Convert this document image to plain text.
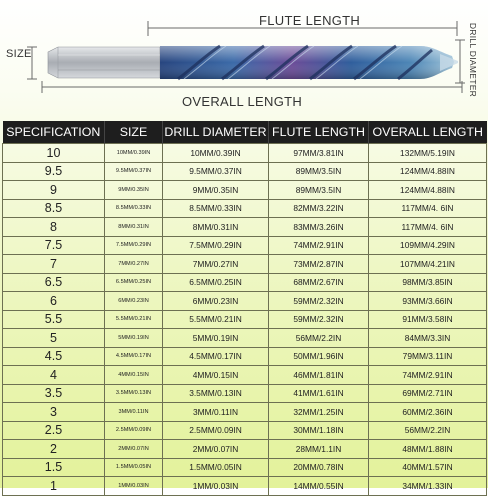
FLUTE LENGTH
OVERALL LENGTH
SIZE	DRILL DIAMETER
SPECIFICATION	SIZE	DRILL DIAMETER	FLUTE LENGTH	OVERALL LENGTH
10	10MM/0.39IN	10MM/0.39IN	97MM/3.81IN	132MM/5.19IN
9.5	9.5MM/0.37IN	9.5MM/0.37IN	89MM/3.5IN	124MM/4.88IN
9	9MM/0.35IN	9MM/0.35IN	89MM/3.5IN	124MM/4.88IN
8.5	8.5MM/0.33IN	8.5MM/0.33IN	82MM/3.22IN	117MM/4. 6IN
8	8MM/0.31IN	8MM/0.31IN	83MM/3.26IN	117MM/4. 6IN
7.5	7.5MM/0.29IN	7.5MM/0.29IN	74MM/2.91IN	109MM/4.29IN
7	7MM/0.27IN	7MM/0.27IN	73MM/2.87IN	107MM/4.21IN
6.5	6.5MM/0.25IN	6.5MM/0.25IN	68MM/2.67IN	98MM/3.85IN
6	6MM/0.23IN	6MM/0.23IN	59MM/2.32IN	93MM/3.66IN
5.5	5.5MM/0.21IN	5.5MM/0.21IN	59MM/2.32IN	91MM/3.58IN
5	5MM/0.19IN	5MM/0.19IN	56MM/2.2IN	84MM/3.3IN
4.5	4.5MM/0.17IN	4.5MM/0.17IN	50MM/1.96IN	79MM/3.11IN
4	4MM/0.15IN	4MM/0.15IN	46MM/1.81IN	74MM/2.91IN
3.5	3.5MM/0.13IN	3.5MM/0.13IN	41MM/1.61IN	69MM/2.71IN
3	3MM/0.11IN	3MM/0.11IN	32MM/1.25IN	60MM/2.36IN
2.5	2.5MM/0.09IN	2.5MM/0.09IN	30MM/1.18IN	56MM/2.2IN
2	2MM/0.07IN	2MM/0.07IN	28MM/1.1IN	48MM/1.88IN
1.5	1.5MM/0.05IN	1.5MM/0.05IN	20MM/0.78IN	40MM/1.57IN
1	1MM/0.03IN	1MM/0.03IN	14MM/0.55IN	34MM/1.33IN
